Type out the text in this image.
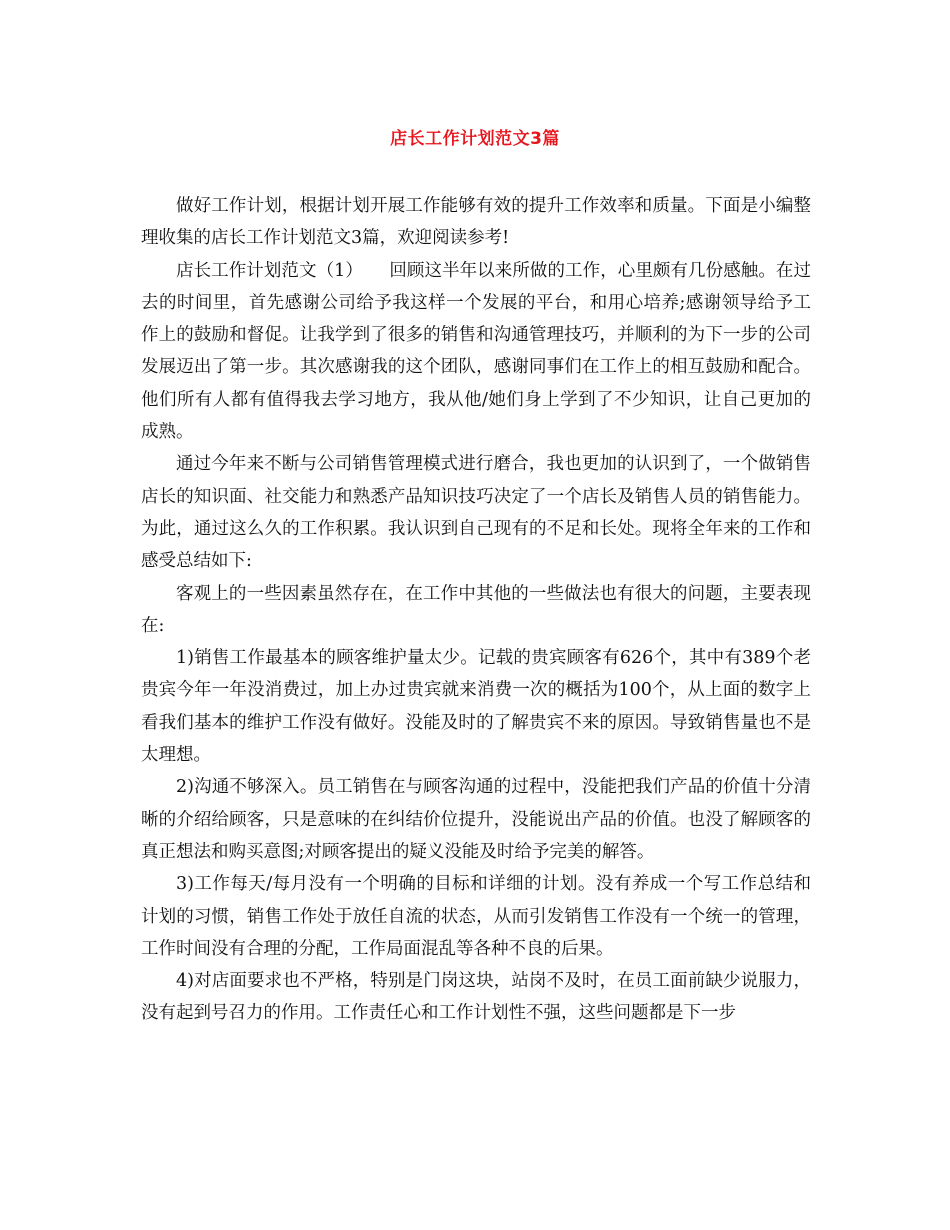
店长工作计划范文3篇

做好工作计划，根据计划开展工作能够有效的提升工作效率和质量。下面是小编整理收集的店长工作计划范文3篇，欢迎阅读参考!

店长工作计划范文（1）　　回顾这半年以来所做的工作，心里颇有几份感触。在过去的时间里，首先感谢公司给予我这样一个发展的平台，和用心培养;感谢领导给予工作上的鼓励和督促。让我学到了很多的销售和沟通管理技巧，并顺利的为下一步的公司发展迈出了第一步。其次感谢我的这个团队，感谢同事们在工作上的相互鼓励和配合。他们所有人都有值得我去学习地方，我从他/她们身上学到了不少知识，让自己更加的成熟。

通过今年来不断与公司销售管理模式进行磨合，我也更加的认识到了，一个做销售店长的知识面、社交能力和熟悉产品知识技巧决定了一个店长及销售人员的销售能力。为此，通过这么久的工作积累。我认识到自己现有的不足和长处。现将全年来的工作和感受总结如下:

客观上的一些因素虽然存在，在工作中其他的一些做法也有很大的问题，主要表现在:

1)销售工作最基本的顾客维护量太少。记载的贵宾顾客有626个，其中有389个老贵宾今年一年没消费过，加上办过贵宾就来消费一次的概括为100个，从上面的数字上看我们基本的维护工作没有做好。没能及时的了解贵宾不来的原因。导致销售量也不是太理想。

2)沟通不够深入。员工销售在与顾客沟通的过程中，没能把我们产品的价值十分清晰的介绍给顾客，只是意味的在纠结价位提升，没能说出产品的价值。也没了解顾客的真正想法和购买意图;对顾客提出的疑义没能及时给予完美的解答。

3)工作每天/每月没有一个明确的目标和详细的计划。没有养成一个写工作总结和计划的习惯，销售工作处于放任自流的状态，从而引发销售工作没有一个统一的管理，工作时间没有合理的分配，工作局面混乱等各种不良的后果。

4)对店面要求也不严格，特别是门岗这块，站岗不及时，在员工面前缺少说服力，没有起到号召力的作用。工作责任心和工作计划性不强，这些问题都是下一步
